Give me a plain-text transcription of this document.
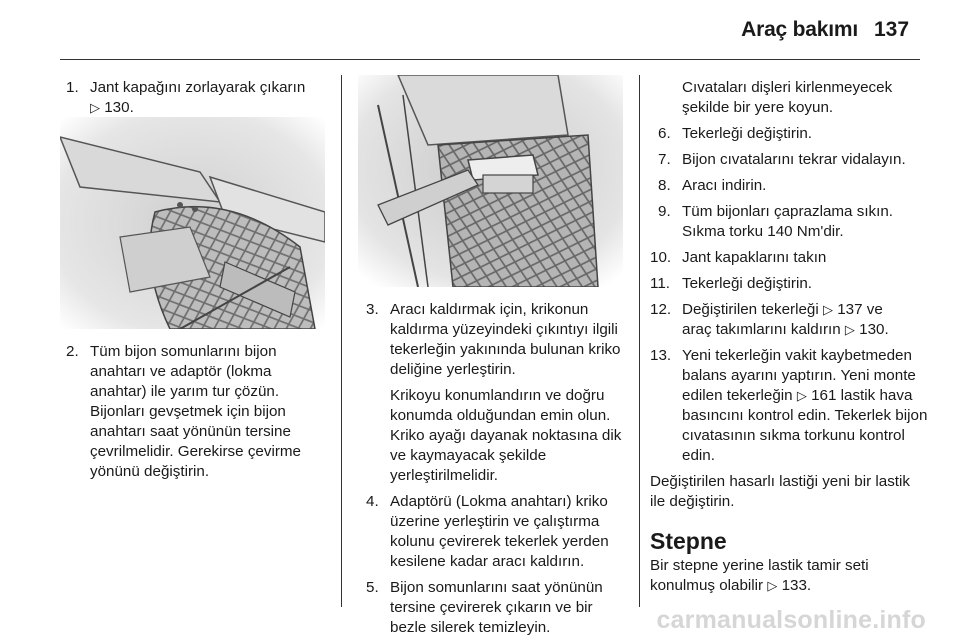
Araç bakımı 137
1. Jant kapağını zorlayarak çıkarın
▷ 130.
2. Tüm bijon somunlarını bijon anahtarı ve adaptör (lokma anahtar) ile yarım tur çözün. Bijonları gevşetmek için bijon anahtarı saat yönünün tersine çevrilmelidir. Gerekirse çevirme yönünü değiştirin.
3. Aracı kaldırmak için, krikonun kaldırma yüzeyindeki çıkıntıyı ilgili tekerleğin yakınında bulunan kriko deliğine yerleştirin.
Krikoyu konumlandırın ve doğru konumda olduğundan emin olun. Kriko ayağı dayanak noktasına dik ve kaymayacak şekilde yerleştirilmelidir.
4. Adaptörü (Lokma anahtarı) kriko üzerine yerleştirin ve çalıştırma kolunu çevirerek tekerlek yerden kesilene kadar aracı kaldırın.
5. Bijon somunlarını saat yönünün tersine çevirerek çıkarın ve bir bezle silerek temizleyin.
Cıvataları dişleri kirlenmeyecek şekilde bir yere koyun.
6. Tekerleği değiştirin.
7. Bijon cıvatalarını tekrar vidalayın.
8. Aracı indirin.
9. Tüm bijonları çaprazlama sıkın. Sıkma torku 140 Nm'dir.
10. Jant kapaklarını takın
11. Tekerleği değiştirin.
12. Değiştirilen tekerleği ▷ 137 ve
araç takımlarını kaldırın ▷ 130.
13. Yeni tekerleğin vakit kaybetmeden balans ayarını yaptırın. Yeni monte edilen tekerleğin ▷ 161 lastik hava basıncını kontrol edin. Tekerlek bijon cıvatasının sıkma torkunu kontrol edin.
Değiştirilen hasarlı lastiği yeni bir lastik ile değiştirin.
Stepne
Bir stepne yerine lastik tamir seti konulmuş olabilir ▷ 133.
carmanualsonline.info
